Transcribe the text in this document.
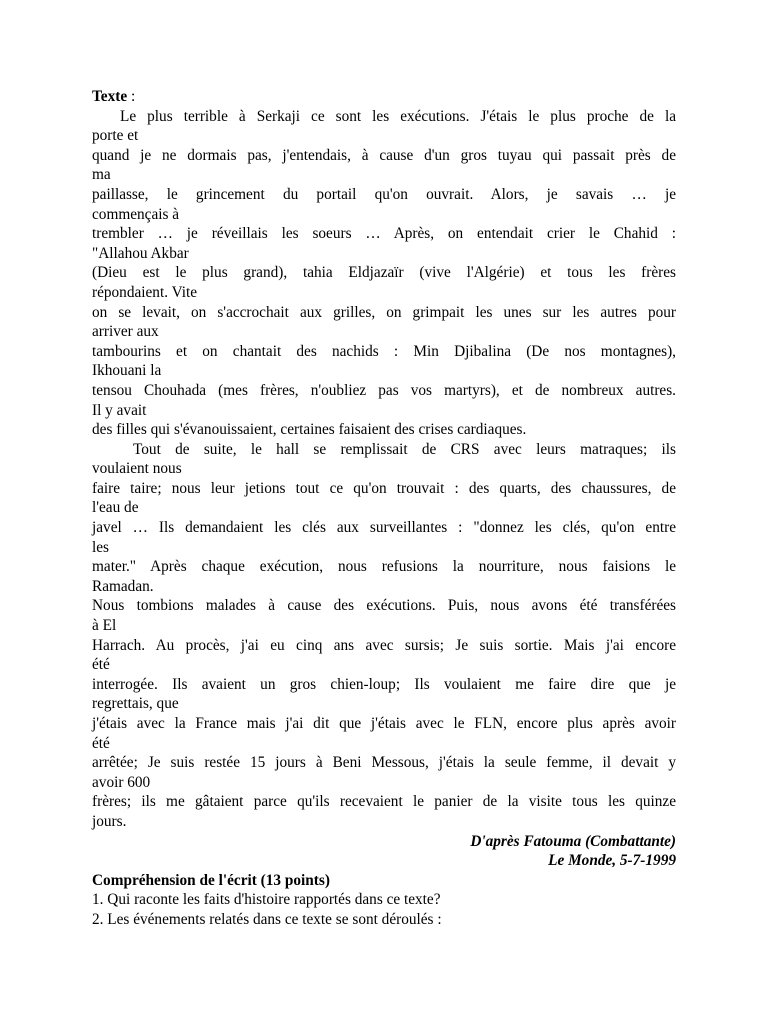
Texte :
Le plus terrible à Serkaji ce sont les exécutions. J'étais le plus proche de la
porte et
quand je ne dormais pas, j'entendais, à cause d'un gros tuyau qui passait près de
ma
paillasse, le grincement du portail qu'on ouvrait. Alors, je savais … je
commençais à
trembler … je réveillais les soeurs … Après, on entendait crier le Chahid :
"Allahou Akbar
(Dieu est le plus grand), tahia Eldjazaïr (vive l'Algérie) et tous les frères
répondaient. Vite
on se levait, on s'accrochait aux grilles, on grimpait les unes sur les autres pour
arriver aux
tambourins et on chantait des nachids : Min Djibalina (De nos montagnes),
Ikhouani la
tensou Chouhada (mes frères, n'oubliez pas vos martyrs), et de nombreux autres.
Il y avait
des filles qui s'évanouissaient, certaines faisaient des crises cardiaques.
Tout de suite, le hall se remplissait de CRS avec leurs matraques; ils
voulaient nous
faire taire; nous leur jetions tout ce qu'on trouvait : des quarts, des chaussures, de
l'eau de
javel … Ils demandaient les clés aux surveillantes : "donnez les clés, qu'on entre
les
mater." Après chaque exécution, nous refusions la nourriture, nous faisions le
Ramadan.
Nous tombions malades à cause des exécutions. Puis, nous avons été transférées
à El
Harrach. Au procès, j'ai eu cinq ans avec sursis; Je suis sortie. Mais j'ai encore
été
interrogée. Ils avaient un gros chien-loup; Ils voulaient me faire dire que je
regrettais, que
j'étais avec la France mais j'ai dit que j'étais avec le FLN, encore plus après avoir
été
arrêtée; Je suis restée 15 jours à Beni Messous, j'étais la seule femme, il devait y
avoir 600
frères; ils me gâtaient parce qu'ils recevaient le panier de la visite tous les quinze
jours.
D'après Fatouma (Combattante)
Le Monde, 5-7-1999
Compréhension de l'écrit (13 points)
1. Qui raconte les faits d'histoire rapportés dans ce texte?
2. Les événements relatés dans ce texte se sont déroulés :
